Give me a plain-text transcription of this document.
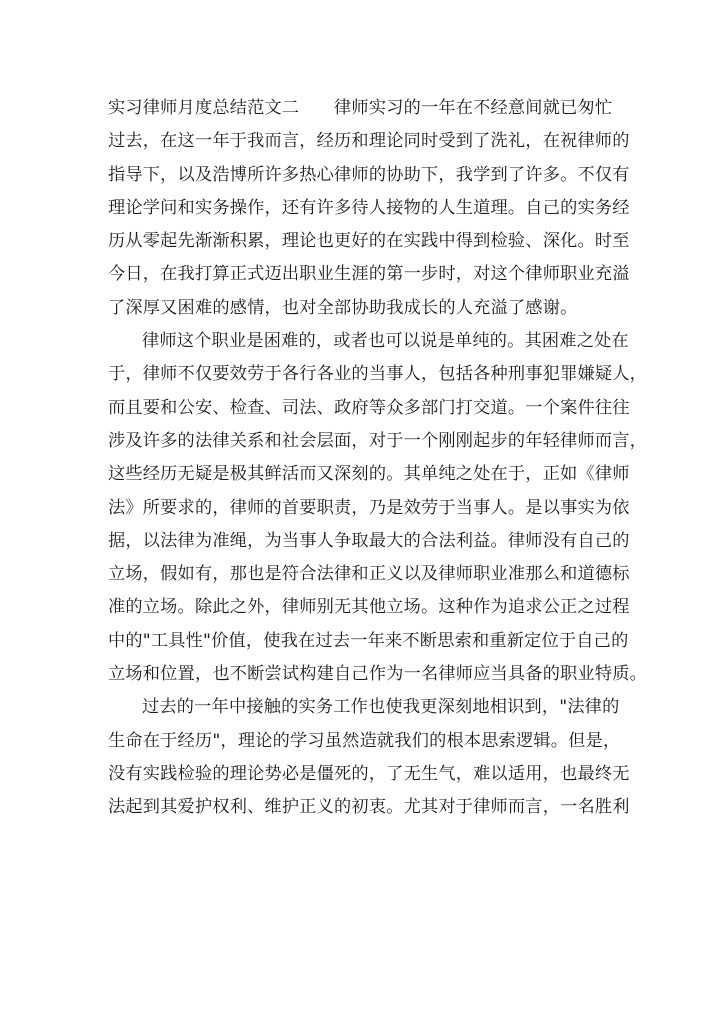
实习律师月度总结范文二　　律师实习的一年在不经意间就已匆忙
过去，在这一年于我而言，经历和理论同时受到了洗礼，在祝律师的
指导下，以及浩博所许多热心律师的协助下，我学到了许多。不仅有
理论学问和实务操作，还有许多待人接物的人生道理。自己的实务经
历从零起先渐渐积累，理论也更好的在实践中得到检验、深化。时至
今日，在我打算正式迈出职业生涯的第一步时，对这个律师职业充溢
了深厚又困难的感情，也对全部协助我成长的人充溢了感谢。
律师这个职业是困难的，或者也可以说是单纯的。其困难之处在
于，律师不仅要效劳于各行各业的当事人，包括各种刑事犯罪嫌疑人，
而且要和公安、检查、司法、政府等众多部门打交道。一个案件往往
涉及许多的法律关系和社会层面，对于一个刚刚起步的年轻律师而言，
这些经历无疑是极其鲜活而又深刻的。其单纯之处在于，正如《律师
法》所要求的，律师的首要职责，乃是效劳于当事人。是以事实为依
据，以法律为准绳，为当事人争取最大的合法利益。律师没有自己的
立场，假如有，那也是符合法律和正义以及律师职业准那么和道德标
准的立场。除此之外，律师别无其他立场。这种作为追求公正之过程
中的"工具性"价值，使我在过去一年来不断思索和重新定位于自己的
立场和位置，也不断尝试构建自己作为一名律师应当具备的职业特质。
过去的一年中接触的实务工作也使我更深刻地相识到，"法律的
生命在于经历"，理论的学习虽然造就我们的根本思索逻辑。但是，
没有实践检验的理论势必是僵死的，了无生气，难以适用，也最终无
法起到其爱护权利、维护正义的初衷。尤其对于律师而言，一名胜利
